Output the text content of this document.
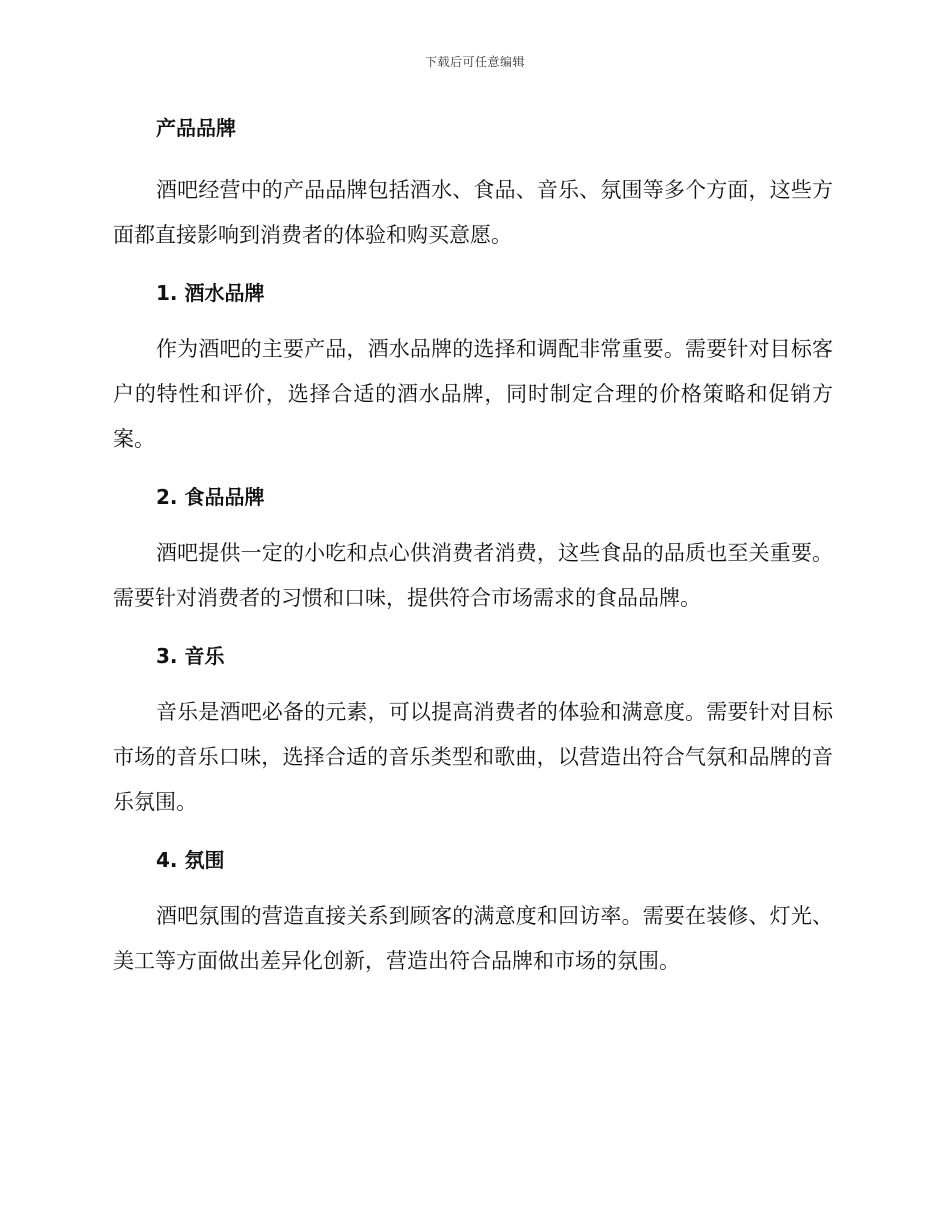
下载后可任意编辑
产品品牌

酒吧经营中的产品品牌包括酒水、食品、音乐、氛围等多个方面，这些方面都直接影响到消费者的体验和购买意愿。

1. 酒水品牌

作为酒吧的主要产品，酒水品牌的选择和调配非常重要。需要针对目标客户的特性和评价，选择合适的酒水品牌，同时制定合理的价格策略和促销方案。

2. 食品品牌

酒吧提供一定的小吃和点心供消费者消费，这些食品的品质也至关重要。需要针对消费者的习惯和口味，提供符合市场需求的食品品牌。

3. 音乐

音乐是酒吧必备的元素，可以提高消费者的体验和满意度。需要针对目标市场的音乐口味，选择合适的音乐类型和歌曲，以营造出符合气氛和品牌的音乐氛围。

4. 氛围

酒吧氛围的营造直接关系到顾客的满意度和回访率。需要在装修、灯光、美工等方面做出差异化创新，营造出符合品牌和市场的氛围。
